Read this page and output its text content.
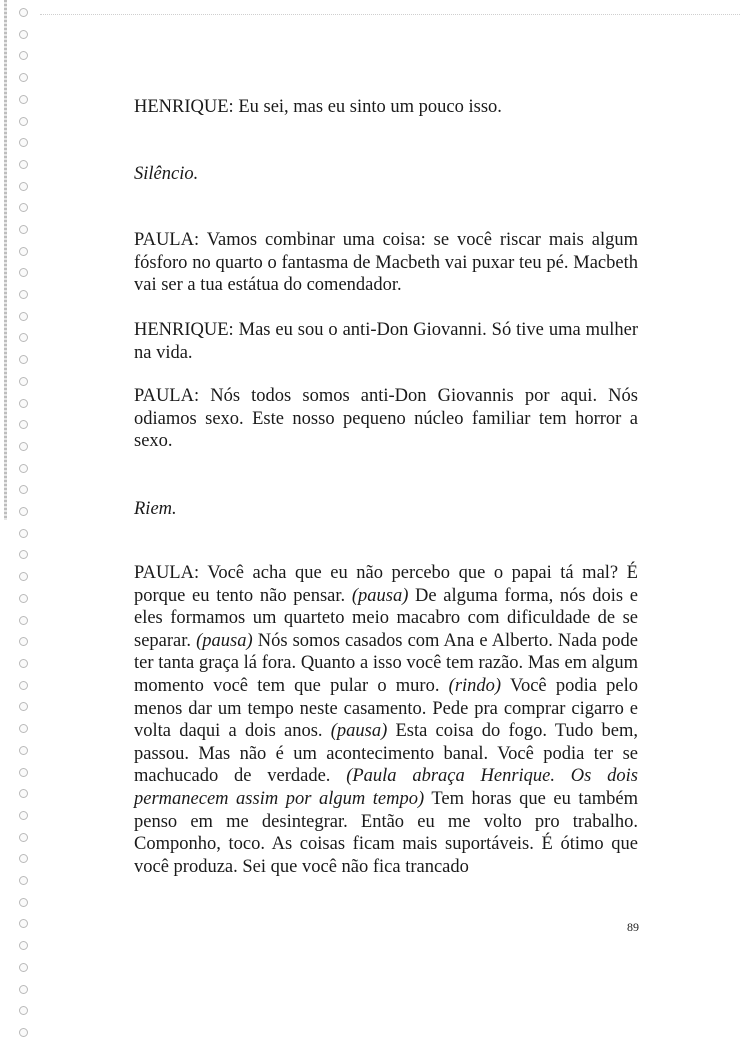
HENRIQUE: Eu sei, mas eu sinto um pouco isso.

Silêncio.

PAULA: Vamos combinar uma coisa: se você riscar mais algum fósforo no quarto o fantasma de Macbeth vai puxar teu pé. Macbeth vai ser a tua estátua do comendador.

HENRIQUE: Mas eu sou o anti-Don Giovanni. Só tive uma mulher na vida.

PAULA: Nós todos somos anti-Don Giovannis por aqui. Nós odiamos sexo. Este nosso pequeno núcleo familiar tem horror a sexo.

Riem.

PAULA: Você acha que eu não percebo que o papai tá mal? É porque eu tento não pensar. (pausa) De alguma forma, nós dois e eles formamos um quarteto meio macabro com dificuldade de se separar. (pausa) Nós somos casados com Ana e Alberto. Nada pode ter tanta graça lá fora. Quanto a isso você tem razão. Mas em algum momento você tem que pular o muro. (rindo) Você podia pelo menos dar um tempo neste casamento. Pede pra comprar cigarro e volta daqui a dois anos. (pausa) Esta coisa do fogo. Tudo bem, passou. Mas não é um acontecimento banal. Você podia ter se machucado de verdade. (Paula abraça Henrique. Os dois permanecem assim por algum tempo) Tem horas que eu também penso em me desintegrar. Então eu me volto pro trabalho. Componho, toco. As coisas ficam mais suportáveis. É ótimo que você produza. Sei que você não fica trancado

89
